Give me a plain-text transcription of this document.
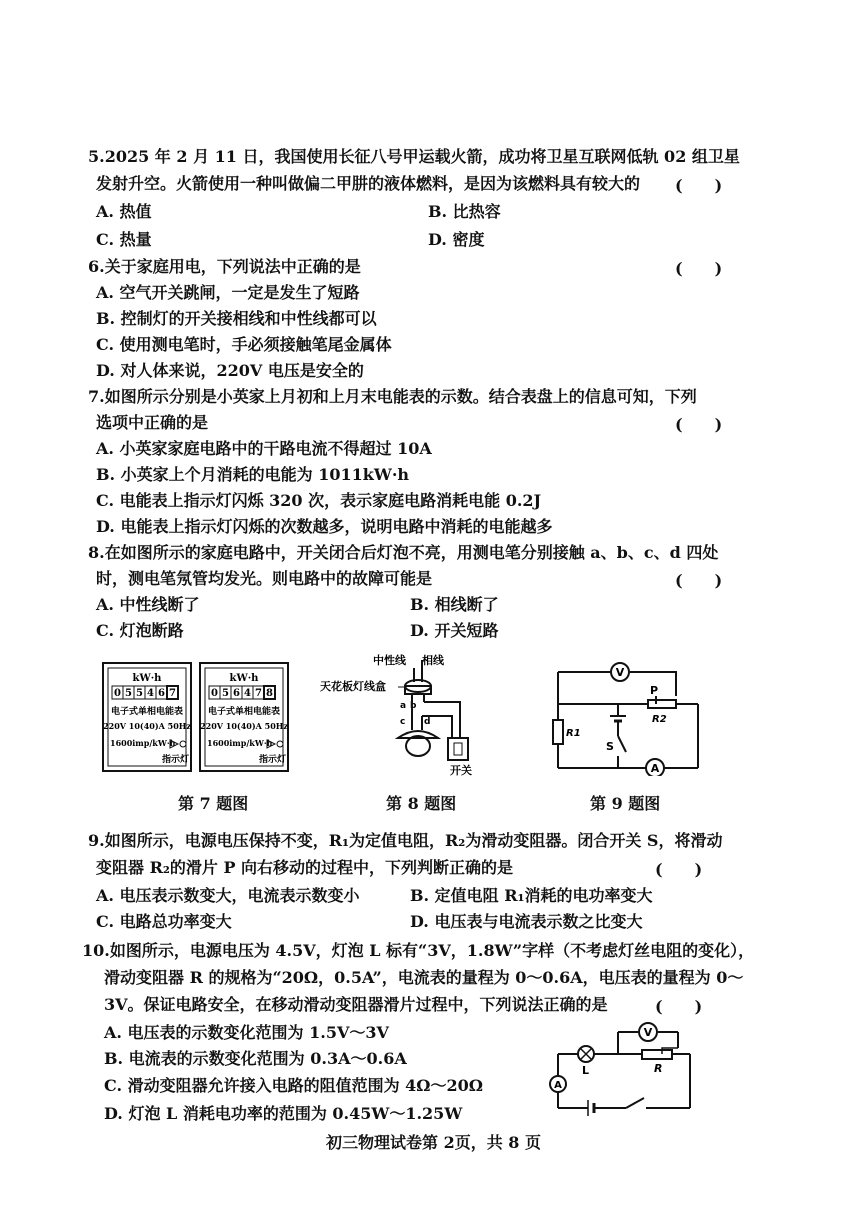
5.2025 年 2 月 11 日，我国使用长征八号甲运载火箭，成功将卫星互联网低轨 02 组卫星
发射升空。火箭使用一种叫做偏二甲肼的液体燃料，是因为该燃料具有较大的 (　　)
A. 热值	B. 比热容
C. 热量	D. 密度
6.关于家庭用电，下列说法中正确的是	(　　)
A. 空气开关跳闸，一定是发生了短路
B. 控制灯的开关接相线和中性线都可以
C. 使用测电笔时，手必须接触笔尾金属体
D. 对人体来说，220V 电压是安全的
7.如图所示分别是小英家上月初和上月末电能表的示数。结合表盘上的信息可知，下列
选项中正确的是	(　　)
A. 小英家家庭电路中的干路电流不得超过 10A
B. 小英家上个月消耗的电能为 1011kW·h
C. 电能表上指示灯闪烁 320 次，表示家庭电路消耗电能 0.2J
D. 电能表上指示灯闪烁的次数越多，说明电路中消耗的电能越多
8.在如图所示的家庭电路中，开关闭合后灯泡不亮，用测电笔分别接触 a、b、c、d 四处
时，测电笔氖管均发光。则电路中的故障可能是	(　　)
A. 中性线断了	B. 相线断了
C. 灯泡断路	D. 开关短路
kW·h
0 5 5 4 6 7
电子式单相电能表
220V 10(40)A 50Hz
1600imp/kW·h
指示灯
kW·h
0 5 6 4 7 8
电子式单相电能表
220V 10(40)A 50Hz
1600imp/kW·h
指示灯
中性线 相线
天花板灯线盒
a b
c d
开关
V
P
R2
S
R1
A
第 7 题图	第 8 题图	第 9 题图
9.如图所示，电源电压保持不变，R₁为定值电阻，R₂为滑动变阻器。闭合开关 S，将滑动
变阻器 R₂的滑片 P 向右移动的过程中，下列判断正确的是	(　　)
A. 电压表示数变大，电流表示数变小	B. 定值电阻 R₁消耗的电功率变大
C. 电路总功率变大	D. 电压表与电流表示数之比变大
10.如图所示，电源电压为 4.5V，灯泡 L 标有“3V，1.8W”字样（不考虑灯丝电阻的变化），
滑动变阻器 R 的规格为“20Ω，0.5A”，电流表的量程为 0～0.6A，电压表的量程为 0～
3V。保证电路安全，在移动滑动变阻器滑片过程中，下列说法正确的是	(　　)
A. 电压表的示数变化范围为 1.5V～3V
B. 电流表的示数变化范围为 0.3A～0.6A
C. 滑动变阻器允许接入电路的阻值范围为 4Ω～20Ω
D. 灯泡 L 消耗电功率的范围为 0.45W～1.25W
V
L	R
A
初三物理试卷第 2页，共 8 页
